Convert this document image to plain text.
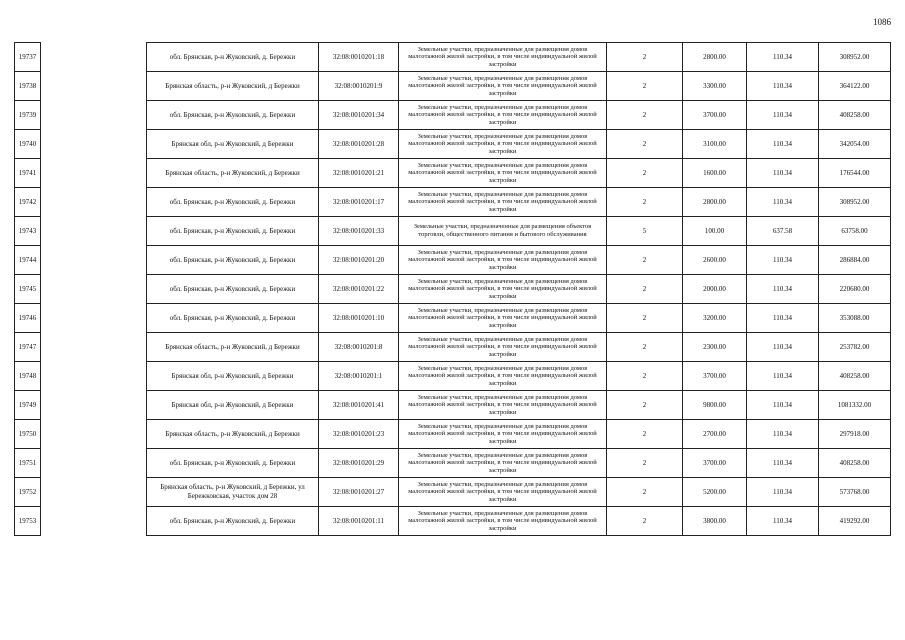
1086
19737		обл. Брянская, р-н Жуковский, д. Бережки	32:08:0010201:18	Земельные участки, предназначенные для размещения домов малоэтажной жилой застройки, в том числе индивидуальной жилой застройки	2	2800.00	110.34	308952.00
19738		Брянская область, р-н Жуковский, д Бережки	32:08:0010201:9	Земельные участки, предназначенные для размещения домов малоэтажной жилой застройки, в том числе индивидуальной жилой застройки	2	3300.00	110.34	364122.00
19739		обл. Брянская, р-н Жуковский, д. Бережки	32:08:0010201:34	Земельные участки, предназначенные для размещения домов малоэтажной жилой застройки, в том числе индивидуальной жилой застройки	2	3700.00	110.34	408258.00
19740		Брянская обл, р-н Жуковский, д Бережки	32:08:0010201:28	Земельные участки, предназначенные для размещения домов малоэтажной жилой застройки, в том числе индивидуальной жилой застройки	2	3100.00	110.34	342054.00
19741		Брянская область, р-н Жуковский, д Бережки	32:08:0010201:21	Земельные участки, предназначенные для размещения домов малоэтажной жилой застройки, в том числе индивидуальной жилой застройки	2	1600.00	110.34	176544.00
19742		обл. Брянская, р-н Жуковский, д. Бережки	32:08:0010201:17	Земельные участки, предназначенные для размещения домов малоэтажной жилой застройки, в том числе индивидуальной жилой застройки	2	2800.00	110.34	308952.00
19743		обл. Брянская, р-н Жуковский, д. Бережки	32:08:0010201:33	Земельные участки, предназначенные для размещения объектов торговли, общественного питания и бытового обслуживания	5	100.00	637.58	63758.00
19744		обл. Брянская, р-н Жуковский, д. Бережки	32:08:0010201:20	Земельные участки, предназначенные для размещения домов малоэтажной жилой застройки, в том числе индивидуальной жилой застройки	2	2600.00	110.34	286884.00
19745		обл. Брянская, р-н Жуковский, д. Бережки	32:08:0010201:22	Земельные участки, предназначенные для размещения домов малоэтажной жилой застройки, в том числе индивидуальной жилой застройки	2	2000.00	110.34	220680.00
19746		обл. Брянская, р-н Жуковский, д. Бережки	32:08:0010201:10	Земельные участки, предназначенные для размещения домов малоэтажной жилой застройки, в том числе индивидуальной жилой застройки	2	3200.00	110.34	353088.00
19747		Брянская область, р-н Жуковский, д Бережки	32:08:0010201:8	Земельные участки, предназначенные для размещения домов малоэтажной жилой застройки, в том числе индивидуальной жилой застройки	2	2300.00	110.34	253782.00
19748		Брянская обл, р-н Жуковский, д Бережки	32:08:0010201:1	Земельные участки, предназначенные для размещения домов малоэтажной жилой застройки, в том числе индивидуальной жилой застройки	2	3700.00	110.34	408258.00
19749		Брянская обл, р-н Жуковский, д Бережки	32:08:0010201:41	Земельные участки, предназначенные для размещения домов малоэтажной жилой застройки, в том числе индивидуальной жилой застройки	2	9800.00	110.34	1081332.00
19750		Брянская область, р-н Жуковский, д Бережки	32:08:0010201:23	Земельные участки, предназначенные для размещения домов малоэтажной жилой застройки, в том числе индивидуальной жилой застройки	2	2700.00	110.34	297918.00
19751		обл. Брянская, р-н Жуковский, д. Бережки	32:08:0010201:29	Земельные участки, предназначенные для размещения домов малоэтажной жилой застройки, в том числе индивидуальной жилой застройки	2	3700.00	110.34	408258.00
19752		Брянская область, р-н Жуковский, д Бережки, ул Бережковская, участок дом 28	32:08:0010201:27	Земельные участки, предназначенные для размещения домов малоэтажной жилой застройки, в том числе индивидуальной жилой застройки	2	5200.00	110.34	573768.00
19753		обл. Брянская, р-н Жуковский, д. Бережки	32:08:0010201:11	Земельные участки, предназначенные для размещения домов малоэтажной жилой застройки, в том числе индивидуальной жилой застройки	2	3800.00	110.34	419292.00
